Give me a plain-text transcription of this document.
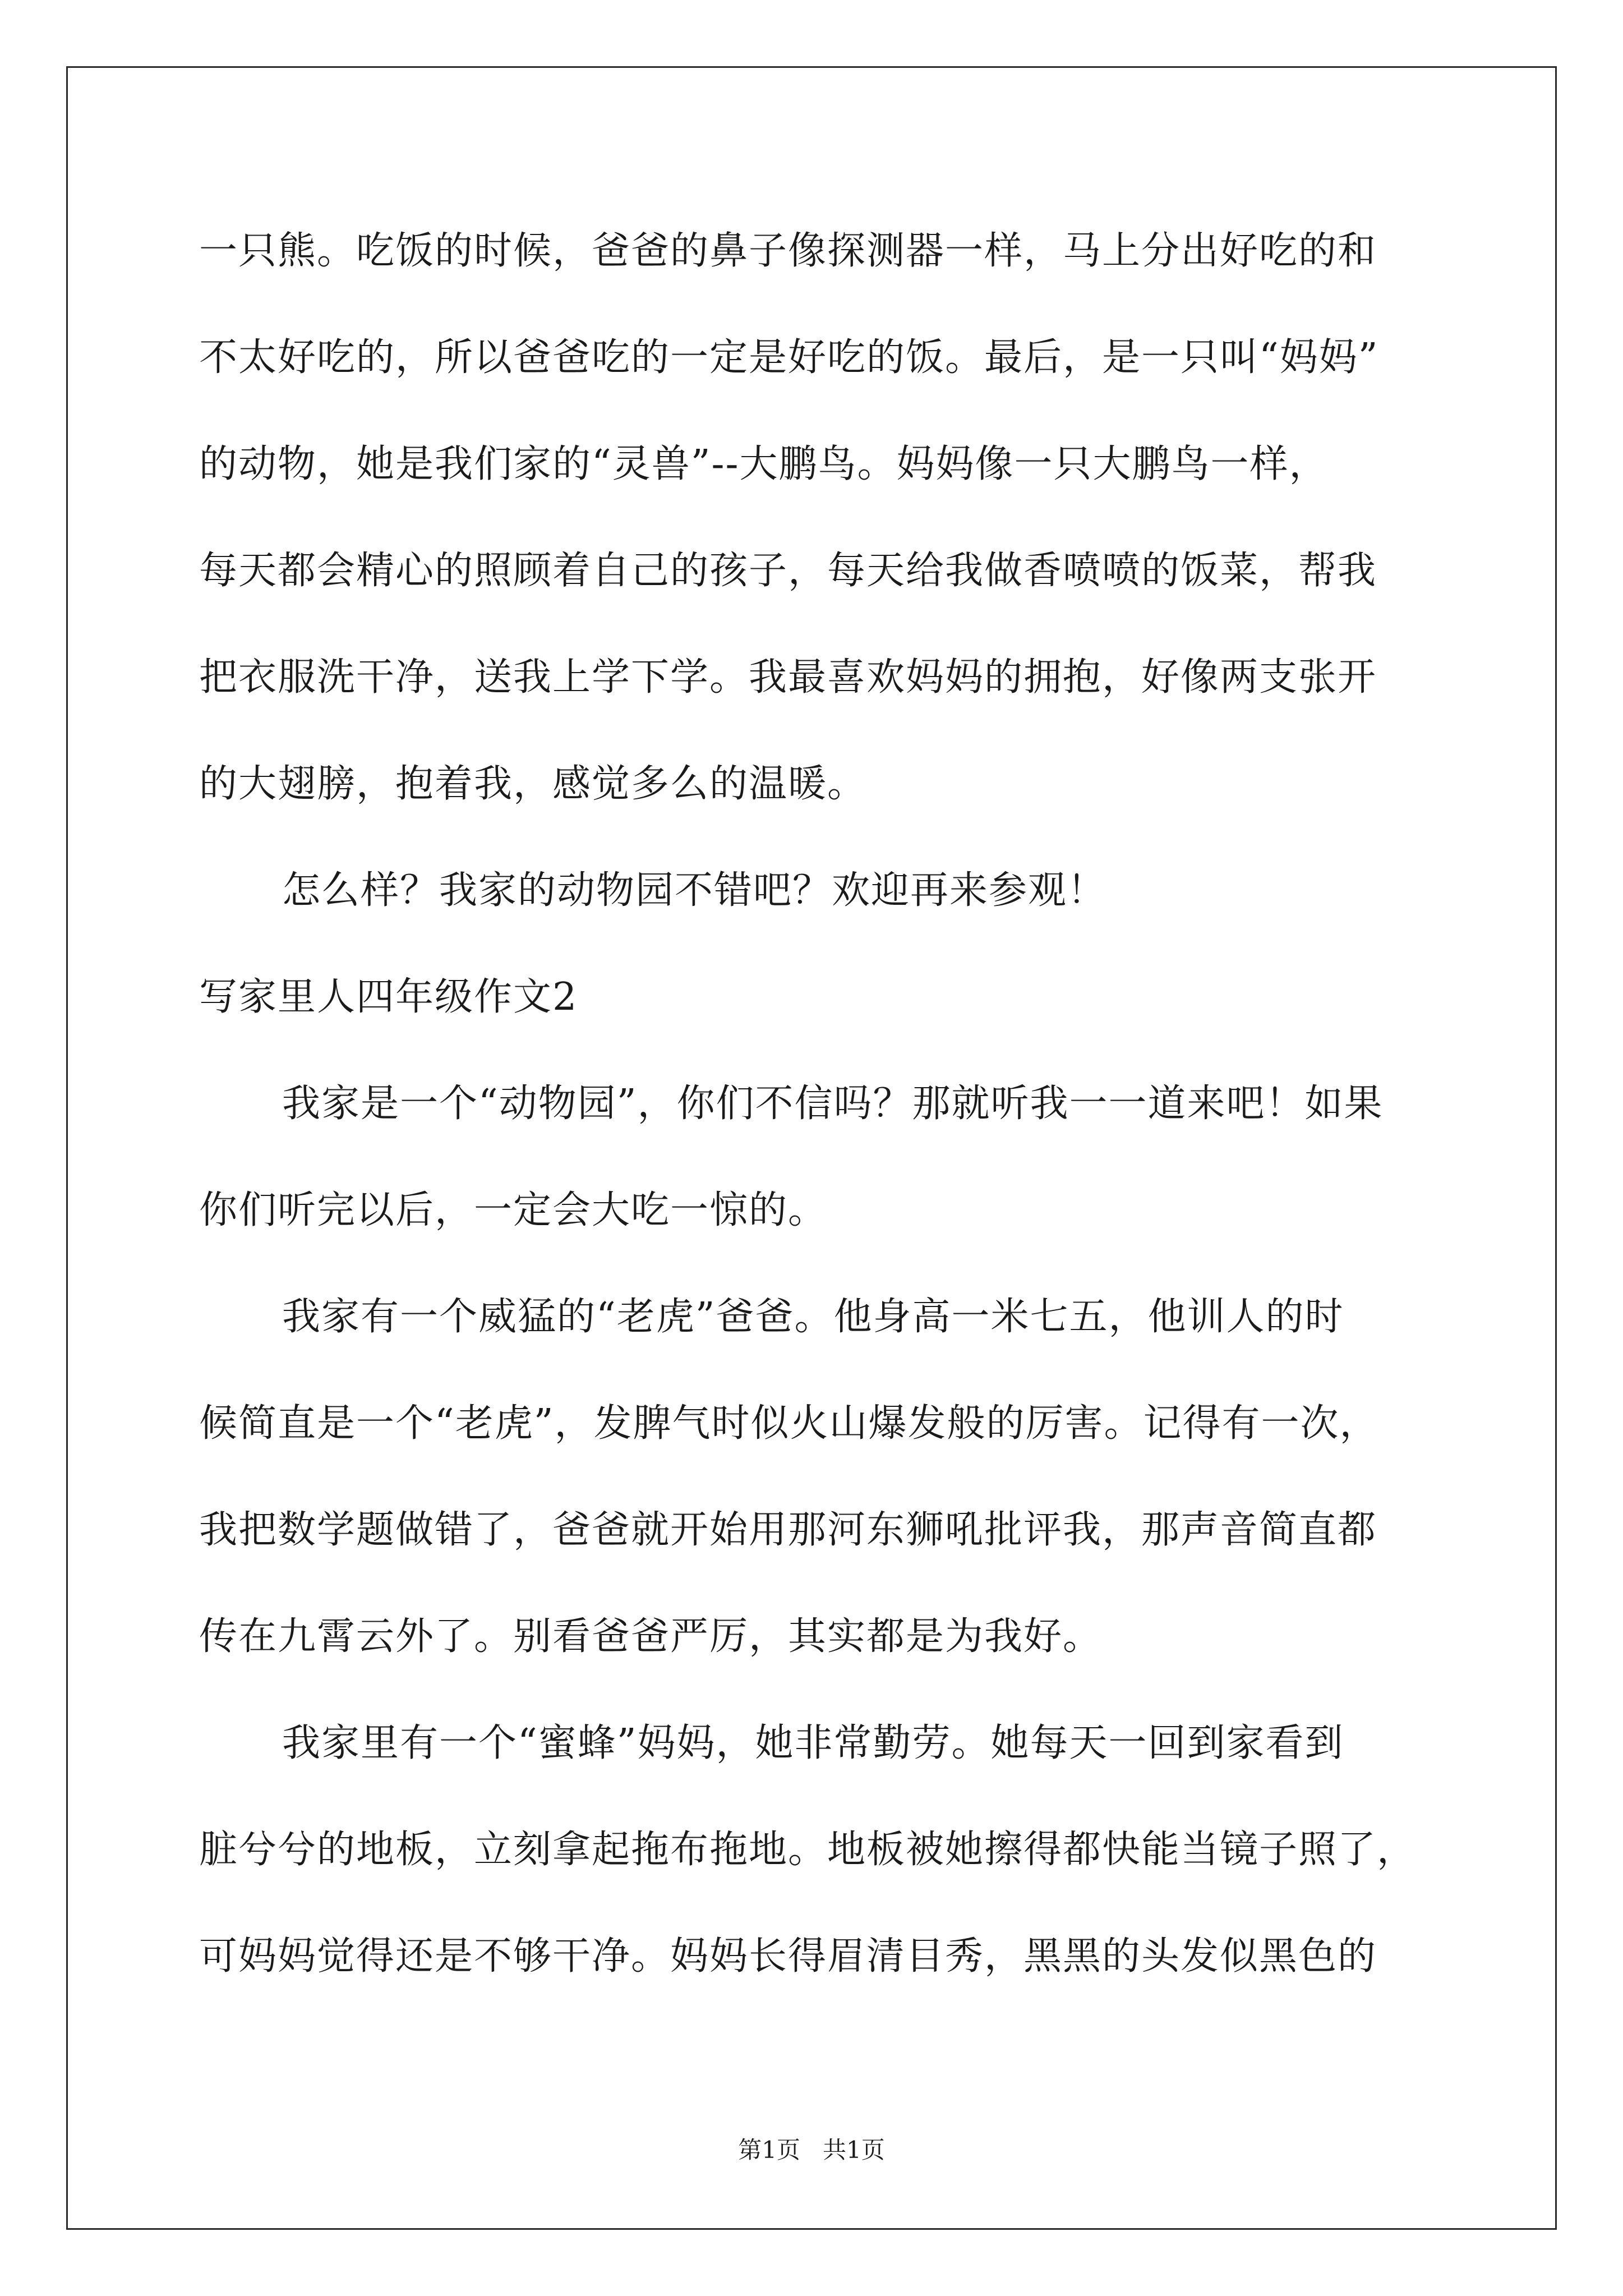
一只熊。吃饭的时候，爸爸的鼻子像探测器一样，马上分出好吃的和
不太好吃的，所以爸爸吃的一定是好吃的饭。最后，是一只叫“妈妈”
的动物，她是我们家的“灵兽”--大鹏鸟。妈妈像一只大鹏鸟一样，
每天都会精心的照顾着自己的孩子，每天给我做香喷喷的饭菜，帮我
把衣服洗干净，送我上学下学。我最喜欢妈妈的拥抱，好像两支张开
的大翅膀，抱着我，感觉多么的温暖。
怎么样？我家的动物园不错吧？欢迎再来参观！
写家里人四年级作文2
我家是一个“动物园”，你们不信吗？那就听我一一道来吧！如果
你们听完以后，一定会大吃一惊的。
我家有一个威猛的“老虎”爸爸。他身高一米七五，他训人的时
候简直是一个“老虎”，发脾气时似火山爆发般的厉害。记得有一次，
我把数学题做错了，爸爸就开始用那河东狮吼批评我，那声音简直都
传在九霄云外了。别看爸爸严厉，其实都是为我好。
我家里有一个“蜜蜂”妈妈，她非常勤劳。她每天一回到家看到
脏兮兮的地板，立刻拿起拖布拖地。地板被她擦得都快能当镜子照了，
可妈妈觉得还是不够干净。妈妈长得眉清目秀，黑黑的头发似黑色的
第1页 共1页
